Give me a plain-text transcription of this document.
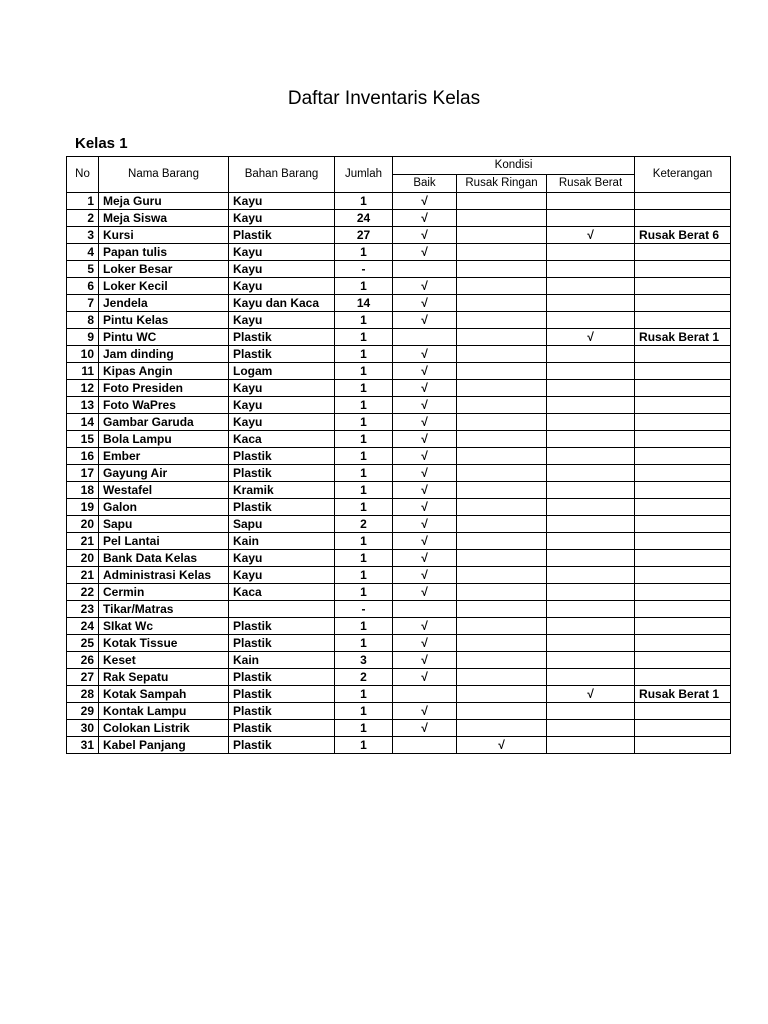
Daftar Inventaris Kelas
Kelas 1
No	Nama Barang	Bahan Barang	Jumlah	Kondisi			Keterangan
				Baik	Rusak Ringan	Rusak Berat	
1	Meja Guru	Kayu	1	√			
2	Meja Siswa	Kayu	24	√			
3	Kursi	Plastik	27	√		√	Rusak Berat 6
4	Papan tulis	Kayu	1	√			
5	Loker Besar	Kayu	-				
6	Loker Kecil	Kayu	1	√			
7	Jendela	Kayu dan Kaca	14	√			
8	Pintu Kelas	Kayu	1	√			
9	Pintu WC	Plastik	1			√	Rusak Berat 1
10	Jam dinding	Plastik	1	√			
11	Kipas Angin	Logam	1	√			
12	Foto Presiden	Kayu	1	√			
13	Foto WaPres	Kayu	1	√			
14	Gambar Garuda	Kayu	1	√			
15	Bola Lampu	Kaca	1	√			
16	Ember	Plastik	1	√			
17	Gayung Air	Plastik	1	√			
18	Westafel	Kramik	1	√			
19	Galon	Plastik	1	√			
20	Sapu	Sapu	2	√			
21	Pel Lantai	Kain	1	√			
20	Bank Data Kelas	Kayu	1	√			
21	Administrasi Kelas	Kayu	1	√			
22	Cermin	Kaca	1	√			
23	Tikar/Matras		-				
24	SIkat Wc	Plastik	1	√			
25	Kotak Tissue	Plastik	1	√			
26	Keset	Kain	3	√			
27	Rak Sepatu	Plastik	2	√			
28	Kotak Sampah	Plastik	1			√	Rusak Berat 1
29	Kontak Lampu	Plastik	1	√			
30	Colokan Listrik	Plastik	1	√			
31	Kabel Panjang	Plastik	1		√		
